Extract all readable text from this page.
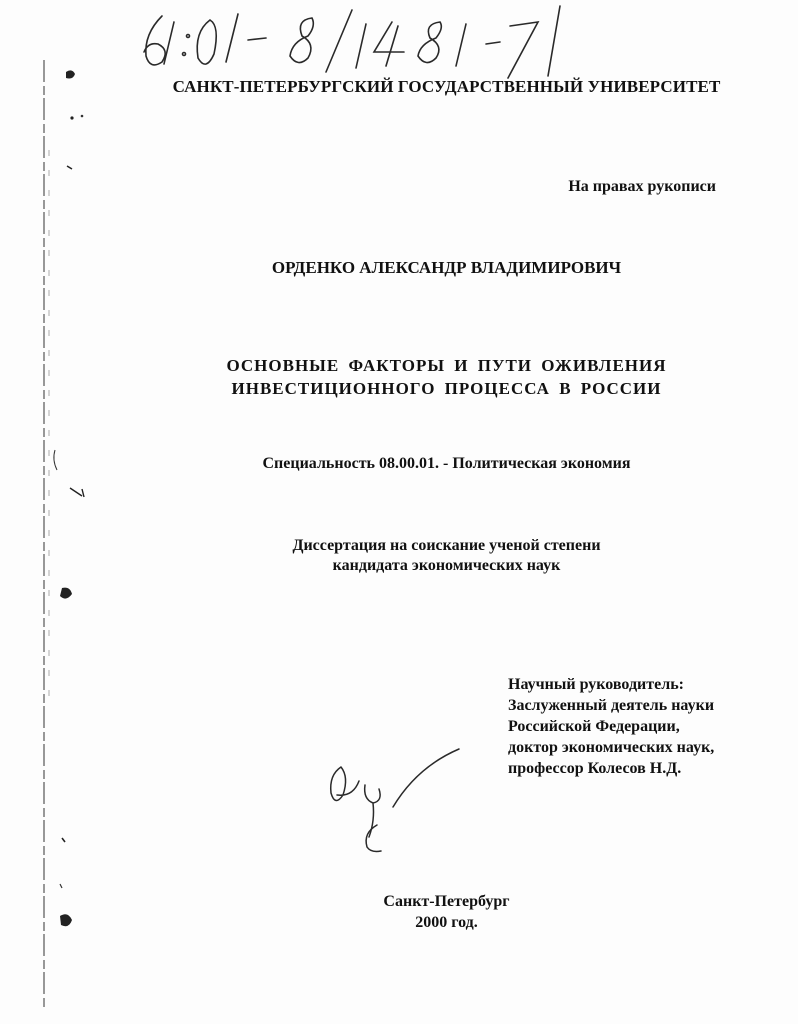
САНКТ-ПЕТЕРБУРГСКИЙ ГОСУДАРСТВЕННЫЙ УНИВЕРСИТЕТ
На правах рукописи
ОРДЕНКО АЛЕКСАНДР ВЛАДИМИРОВИЧ
ОСНОВНЫЕ ФАКТОРЫ И ПУТИ ОЖИВЛЕНИЯ
ИНВЕСТИЦИОННОГО ПРОЦЕССА В РОССИИ
Специальность 08.00.01. - Политическая экономия
Диссертация на соискание ученой степени
кандидата экономических наук
Научный руководитель:
Заслуженный деятель науки
Российской Федерации,
доктор экономических наук,
профессор Колесов Н.Д.
Санкт-Петербург
2000 год.
